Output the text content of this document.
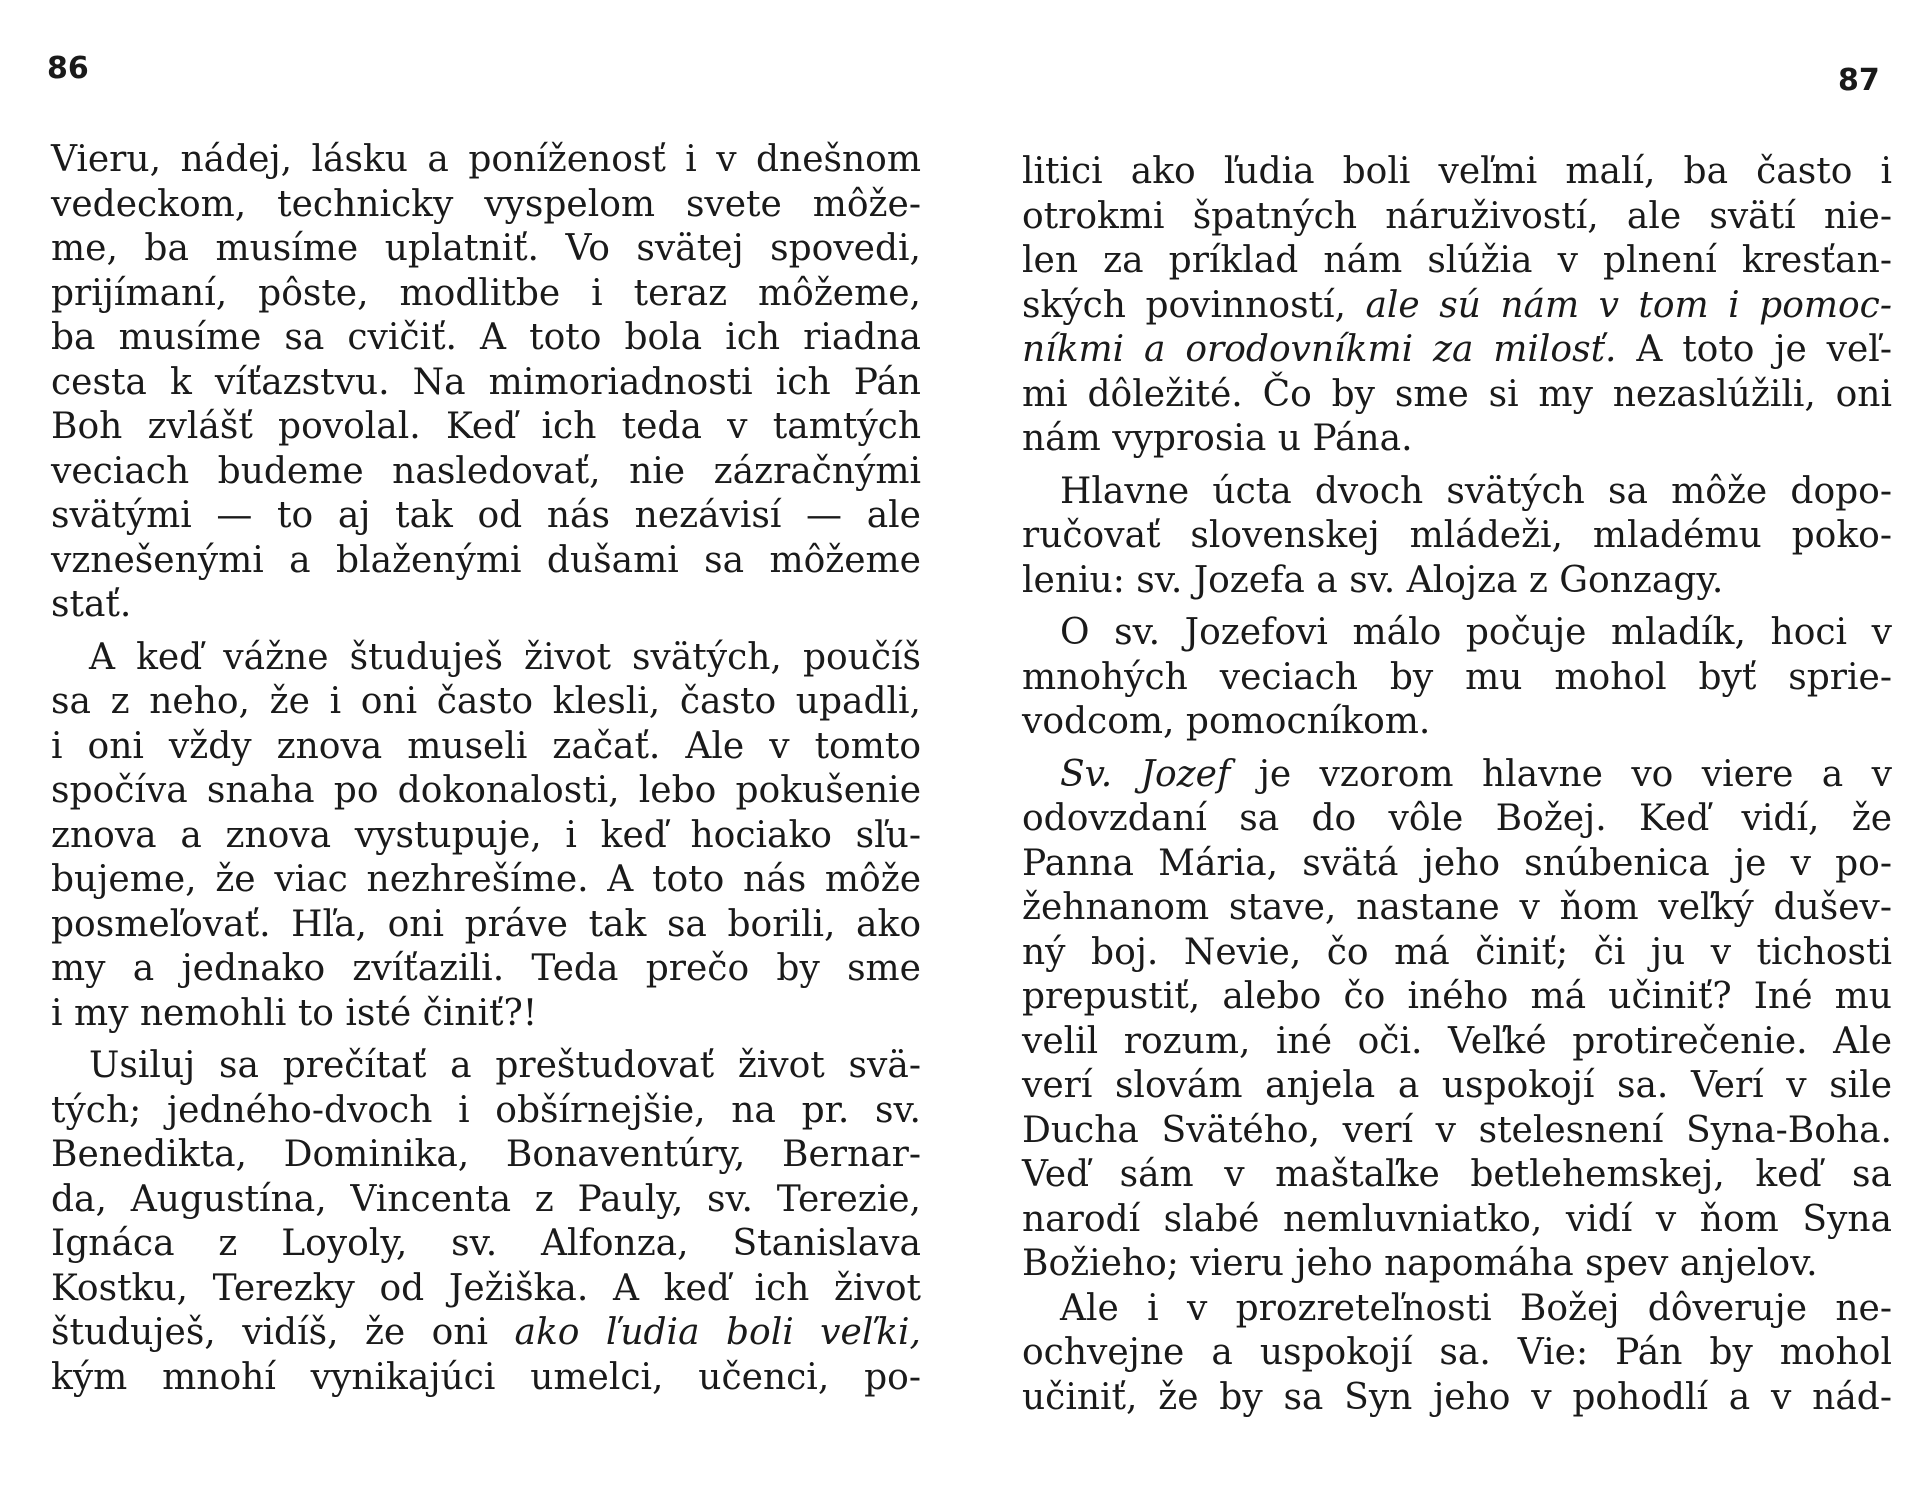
86	87
Vieru, nádej, lásku a poníženosť i v dnešnom
vedeckom, technicky vyspelom svete môže-
me, ba musíme uplatniť. Vo svätej spovedi,
prijímaní, pôste, modlitbe i teraz môžeme,
ba musíme sa cvičiť. A toto bola ich riadna
cesta k víťazstvu. Na mimoriadnosti ich Pán
Boh zvlášť povolal. Keď ich teda v tamtých
veciach budeme nasledovať, nie zázračnými
svätými — to aj tak od nás nezávisí — ale
vznešenými a blaženými dušami sa môžeme
stať.
A keď vážne študuješ život svätých, poučíš
sa z neho, že i oni často klesli, často upadli,
i oni vždy znova museli začať. Ale v tomto
spočíva snaha po dokonalosti, lebo pokušenie
znova a znova vystupuje, i keď hociako sľu-
bujeme, že viac nezhrešíme. A toto nás môže
posmeľovať. Hľa, oni práve tak sa borili, ako
my a jednako zvíťazili. Teda prečo by sme
i my nemohli to isté činiť?!
Usiluj sa prečítať a preštudovať život svä-
tých; jedného-dvoch i obšírnejšie, na pr. sv.
Benedikta, Dominika, Bonaventúry, Bernar-
da, Augustína, Vincenta z Pauly, sv. Terezie,
Ignáca z Loyoly, sv. Alfonza, Stanislava
Kostku, Terezky od Ježiška. A keď ich život
študuješ, vidíš, že oni ako ľudia boli veľki,
kým mnohí vynikajúci umelci, učenci, po-
litici ako ľudia boli veľmi malí, ba často i
otrokmi špatných náruživostí, ale svätí nie-
len za príklad nám slúžia v plnení kresťan-
ských povinností, ale sú nám v tom i pomoc-
níkmi a orodovníkmi za milosť. A toto je veľ-
mi dôležité. Čo by sme si my nezaslúžili, oni
nám vyprosia u Pána.
Hlavne úcta dvoch svätých sa môže dopo-
ručovať slovenskej mládeži, mladému poko-
leniu: sv. Jozefa a sv. Alojza z Gonzagy.
O sv. Jozefovi málo počuje mladík, hoci v
mnohých veciach by mu mohol byť sprie-
vodcom, pomocníkom.
Sv. Jozef je vzorom hlavne vo viere a v
odovzdaní sa do vôle Božej. Keď vidí, že
Panna Mária, svätá jeho snúbenica je v po-
žehnanom stave, nastane v ňom veľký dušev-
ný boj. Nevie, čo má činiť; či ju v tichosti
prepustiť, alebo čo iného má učiniť? Iné mu
velil rozum, iné oči. Veľké protirečenie. Ale
verí slovám anjela a uspokojí sa. Verí v sile
Ducha Svätého, verí v stelesnení Syna-Boha.
Veď sám v maštaľke betlehemskej, keď sa
narodí slabé nemluvniatko, vidí v ňom Syna
Božieho; vieru jeho napomáha spev anjelov.
Ale i v prozreteľnosti Božej dôveruje ne-
ochvejne a uspokojí sa. Vie: Pán by mohol
učiniť, že by sa Syn jeho v pohodlí a v nád-
